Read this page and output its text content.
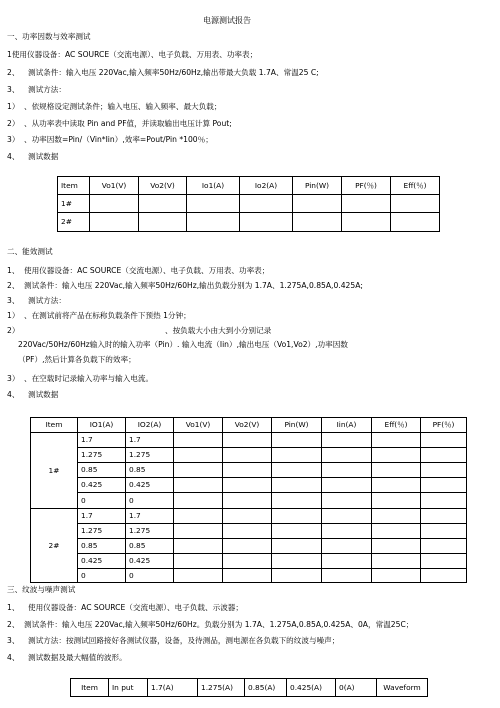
电源测试报告
一、功率因数与效率测试
1使用仪器设备：AC SOURCE（交流电源）、电子负载、万用表、功率表；
2、 测试条件：输入电压 220Vac,输入频率50Hz/60Hz,输出带最大负载 1.7A、常温25 C;
3、 测试方法：
1） 、依规格设定测试条件；输入电压、输入频率、最大负载；
2） 、从功率表中读取 Pin and PF值，并读取输出电压计算 Pout;
3） 、功率因数=Pin/（Vin*Iin）,效率=Pout/Pin *100％；
4、 测试数据
Item	Vo1(V)	Vo2(V)	Io1(A)	Io2(A)	Pin(W)	PF(％)	Eff(％)
1#							
2#							
二、能效测试
1、 使用仪器设备：AC SOURCE（交流电源）、电子负载、万用表、功率表；
2、 测试条件：输入电压 220Vac,输入频率50Hz/60Hz,输出负载分别为 1.7A、1.275A,0.85A,0.425A;
3、 测试方法：
1） 、在测试前将产品在标称负载条件下预热 1分钟；
2）	、按负载大小由大到小分别记录
220Vac/50Hz/60Hz输入时的输入功率（Pin）. 输入电流（Iin）,输出电压（Vo1,Vo2）,功率因数
（PF）,然后计算各负载下的效率；
3） 、在空载时记录输入功率与输入电流。
4、 测试数据
Item	IO1(A)	IO2(A)	Vo1(V)	Vo2(V)	Pin(W)	Iin(A)	Eff(％)	PF(％)
1#	1.7	1.7						
	1.275	1.275						
	0.85	0.85						
	0.425	0.425						
	0	0						
2#	1.7	1.7						
	1.275	1.275						
	0.85	0.85						
	0.425	0.425						
	0	0						
三、纹波与噪声测试
1、 使用仪器设备：AC SOURCE（交流电源）、电子负载、示波器；
2、 测试条件：输入电压 220Vac,输入频率50Hz/60Hz。负载分别为 1.7A、1.275A,0.85A,0.425A、0A，常温25C；
3、 测试方法：按测试回路接好各测试仪器，设备，及待测品，测电源在各负载下的纹波与噪声；
4、 测试数据及最大幅值的波形。
Item	In put	1.7(A)	1.275(A)	0.85(A)	0.425(A)	0(A)	Waveform
